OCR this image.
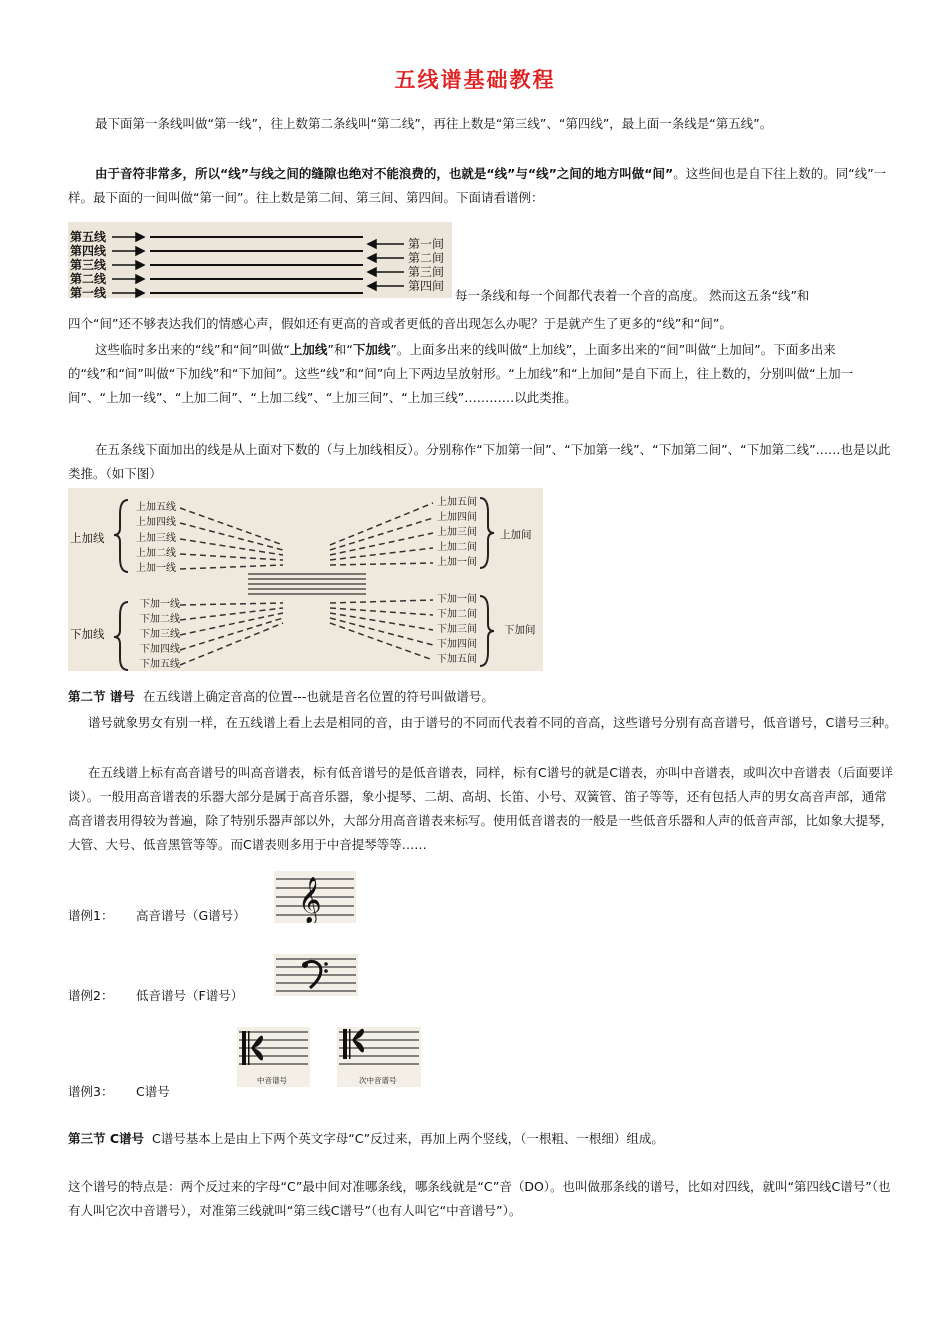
五线谱基础教程
最下面第一条线叫做“第一线”，往上数第二条线叫“第二线”，再往上数是“第三线”、“第四线”，最上面一条线是“第五线”。
由于音符非常多，所以“线”与线之间的缝隙也绝对不能浪费的，也就是“线”与“线”之间的地方叫做“间”。这些间也是自下往上数的。同“线”一样。最下面的一间叫做“第一间”。往上数是第二间、第三间、第四间。下面请看谱例：
第五线
第四线
第三线
第二线
第一线
第一间
第二间
第三间
第四间
每一条线和每一个间都代表着一个音的高度。 然而这五条“线”和
四个“间”还不够表达我们的情感心声，假如还有更高的音或者更低的音出现怎么办呢？于是就产生了更多的“线”和“间”。
这些临时多出来的“线”和“间”叫做“上加线”和“下加线”。上面多出来的线叫做“上加线”，上面多出来的“间”叫做“上加间”。下面多出来的“线”和“间”叫做“下加线”和“下加间”。这些“线”和“间”向上下两边呈放射形。“上加线”和“上加间”是自下而上，往上数的，分别叫做“上加一间”、“上加一线”、“上加二间”、“上加二线”、“上加三间”、“上加三线”…………以此类推。
在五条线下面加出的线是从上面对下数的（与上加线相反）。分别称作“下加第一间”、“下加第一线”、“下加第二间”、“下加第二线”……也是以此类推。（如下图）
上加线
上加五线
上加四线
上加三线
上加二线
上加一线
上加五间
上加四间
上加三间
上加二间
上加一间
上加间
下加线
下加一线
下加二线
下加三线
下加四线
下加五线
下加一间
下加二间
下加三间
下加四间
下加五间
下加间
第二节 谱号 在五线谱上确定音高的位置---也就是音名位置的符号叫做谱号。
谱号就象男女有别一样，在五线谱上看上去是相同的音，由于谱号的不同而代表着不同的音高，这些谱号分别有高音谱号，低音谱号，C谱号三种。
在五线谱上标有高音谱号的叫高音谱表，标有低音谱号的是低音谱表，同样，标有C谱号的就是C谱表，亦叫中音谱表，或叫次中音谱表（后面要详谈）。一般用高音谱表的乐器大部分是属于高音乐器，象小提琴、二胡、高胡、长笛、小号、双簧管、笛子等等，还有包括人声的男女高音声部，通常高音谱表用得较为普遍，除了特别乐器声部以外，大部分用高音谱表来标写。使用低音谱表的一般是一些低音乐器和人声的低音声部，比如象大提琴，大管、大号、低音黑管等等。而C谱表则多用于中音提琴等等……
谱例1： 高音谱号（G谱号） 𝄞
谱例2： 低音谱号（F谱号）
谱例3： C谱号
中音谱号	次中音谱号
第三节 C谱号 C谱号基本上是由上下两个英文字母“C”反过来，再加上两个竖线，（一根粗、一根细）组成。
这个谱号的特点是：两个反过来的字母“C”最中间对准哪条线，哪条线就是“C”音（DO）。也叫做那条线的谱号，比如对四线，就叫“第四线C谱号”（也有人叫它次中音谱号），对准第三线就叫“第三线C谱号”（也有人叫它“中音谱号”）。
